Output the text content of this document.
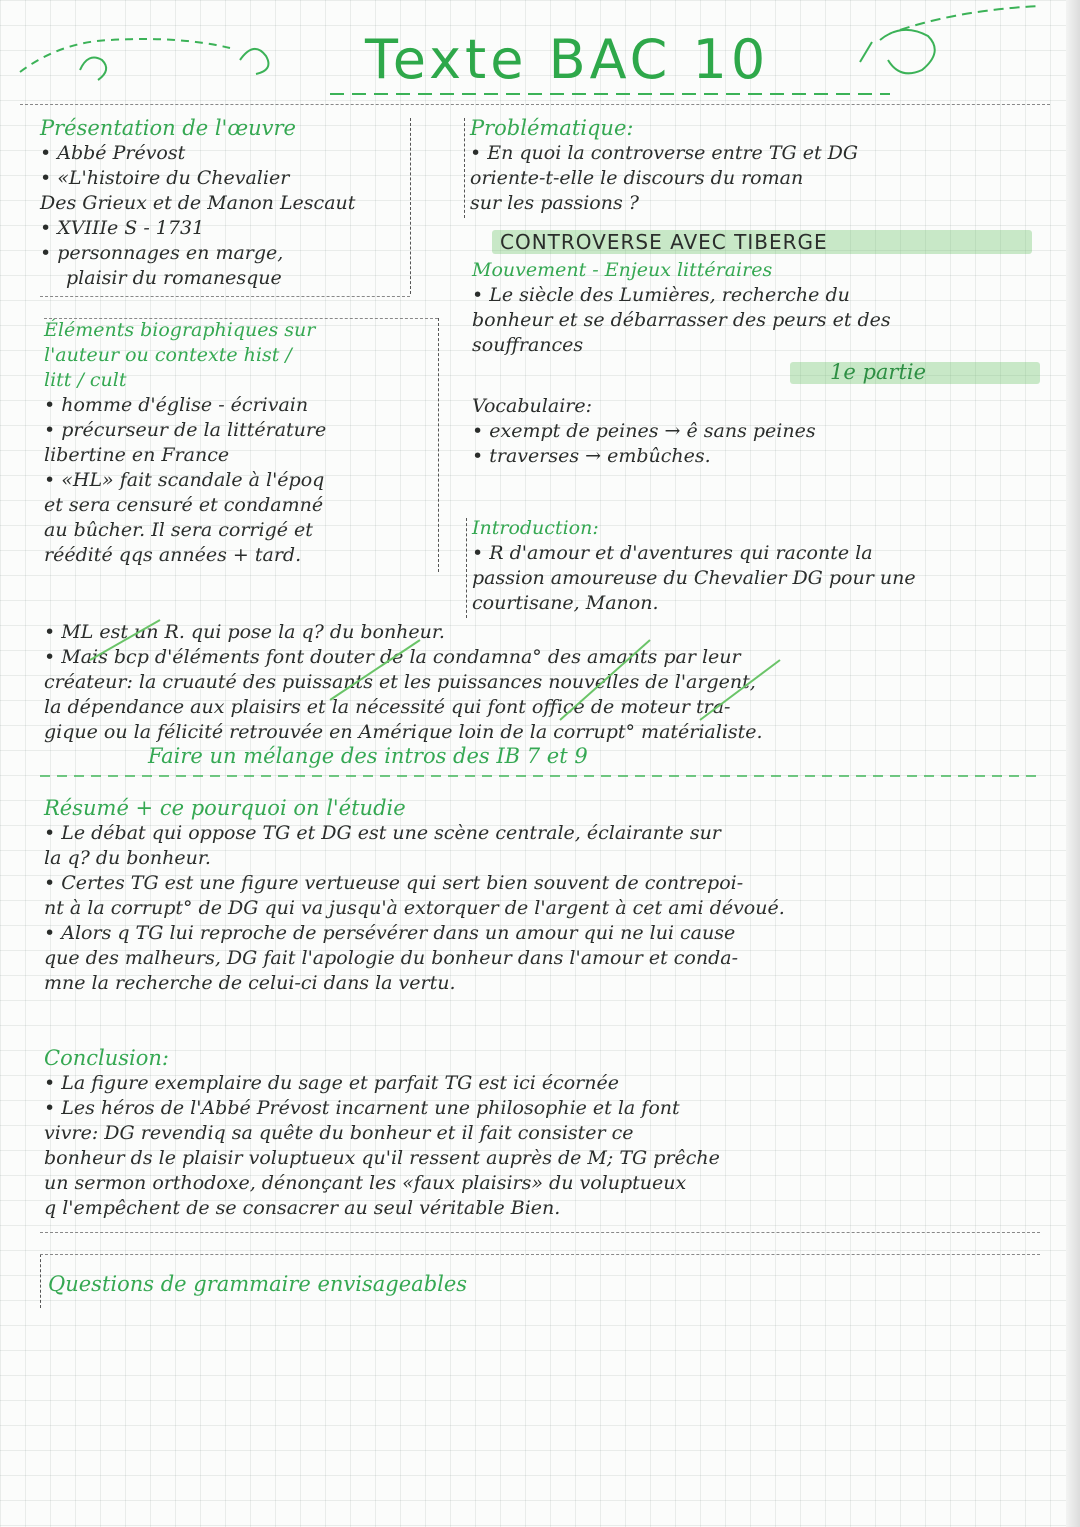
Texte BAC 10
Présentation de l'œuvre
• Abbé Prévost
• «L'histoire du Chevalier
Des Grieux et de Manon Lescaut
• XVIIIe S - 1731
• personnages en marge,
plaisir du romanesque
Problématique:
• En quoi la controverse entre TG et DG
oriente-t-elle le discours du roman
sur les passions ?
CONTROVERSE AVEC TIBERGE
Mouvement - Enjeux littéraires
• Le siècle des Lumières, recherche du
bonheur et se débarrasser des peurs et des
souffrances
1e partie
Éléments biographiques sur
l'auteur ou contexte hist /
litt / cult
• homme d'église - écrivain
• précurseur de la littérature
libertine en France
• «HL» fait scandale à l'époq
et sera censuré et condamné
au bûcher. Il sera corrigé et
réédité qqs années + tard.
Vocabulaire:
• exempt de peines → ê sans peines
• traverses → embûches.
Introduction:
• R d'amour et d'aventures qui raconte la
passion amoureuse du Chevalier DG pour une
courtisane, Manon.
• ML est un R. qui pose la q? du bonheur.
• Mais bcp d'éléments font douter de la condamna° des amants par leur
créateur: la cruauté des puissants et les puissances nouvelles de l'argent,
la dépendance aux plaisirs et la nécessité qui font office de moteur tra-
gique ou la félicité retrouvée en Amérique loin de la corrupt° matérialiste.
Faire un mélange des intros des IB 7 et 9
Résumé + ce pourquoi on l'étudie
• Le débat qui oppose TG et DG est une scène centrale, éclairante sur
la q? du bonheur.
• Certes TG est une figure vertueuse qui sert bien souvent de contrepoi-
nt à la corrupt° de DG qui va jusqu'à extorquer de l'argent à cet ami dévoué.
• Alors q TG lui reproche de persévérer dans un amour qui ne lui cause
que des malheurs, DG fait l'apologie du bonheur dans l'amour et conda-
mne la recherche de celui-ci dans la vertu.
Conclusion:
• La figure exemplaire du sage et parfait TG est ici écornée
• Les héros de l'Abbé Prévost incarnent une philosophie et la font
vivre: DG revendiq sa quête du bonheur et il fait consister ce
bonheur ds le plaisir voluptueux qu'il ressent auprès de M; TG prêche
un sermon orthodoxe, dénonçant les «faux plaisirs» du voluptueux
q l'empêchent de se consacrer au seul véritable Bien.
Questions de grammaire envisageables
